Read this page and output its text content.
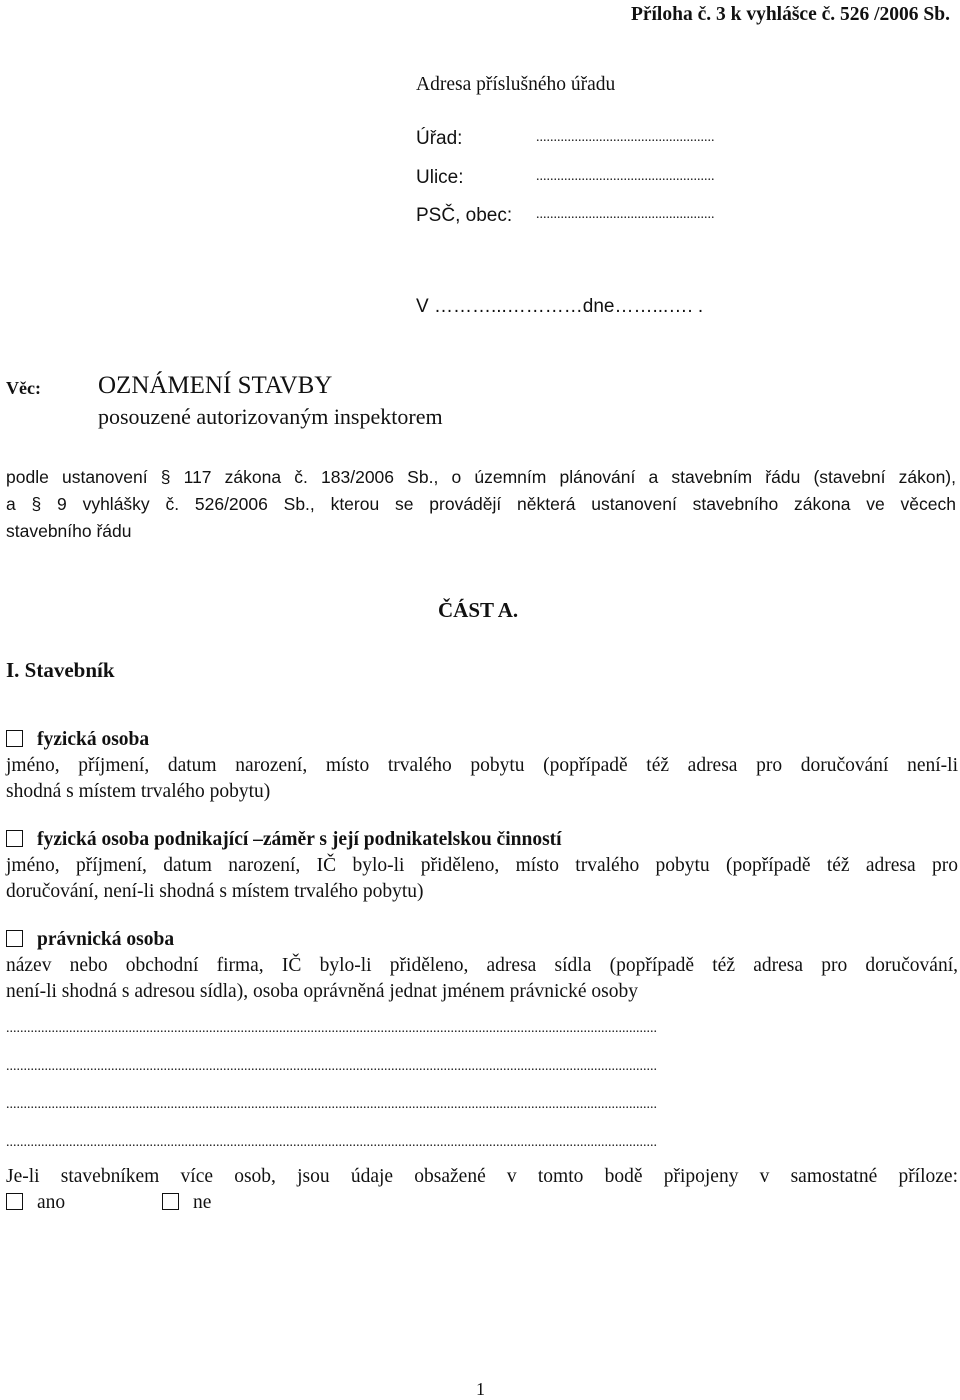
Příloha č. 3 k vyhlášce č. 526 /2006 Sb.
Adresa příslušného úřadu
Úřad:	...................................................
Ulice:	...................................................
PSČ, obec: ...................................................
V ………...…………dne……...…. .
Věc: OZNÁMENÍ STAVBY
posouzené autorizovaným inspektorem
podle ustanovení § 117 zákona č. 183/2006 Sb., o územním plánování a stavebním řádu (stavební zákon),
a § 9 vyhlášky č. 526/2006 Sb., kterou se provádějí některá ustanovení stavebního zákona ve věcech
stavebního řádu
ČÁST A.
I. Stavebník
fyzická osoba
jméno, příjmení, datum narození, místo trvalého pobytu (popřípadě též adresa pro doručování není-li
shodná s místem trvalého pobytu)
fyzická osoba podnikající –záměr s její podnikatelskou činností
jméno, příjmení, datum narození, IČ bylo-li přiděleno, místo trvalého pobytu (popřípadě též adresa pro
doručování, není-li shodná s místem trvalého pobytu)
právnická osoba
název nebo obchodní firma, IČ bylo-li přiděleno, adresa sídla (popřípadě též adresa pro doručování,
není-li shodná s adresou sídla), osoba oprávněná jednat jménem právnické osoby
..........................................................................................................................................................................................
..........................................................................................................................................................................................
..........................................................................................................................................................................................
..........................................................................................................................................................................................
Je-li stavebníkem více osob, jsou údaje obsažené v tomto bodě připojeny v samostatné příloze:
ano	ne
1
